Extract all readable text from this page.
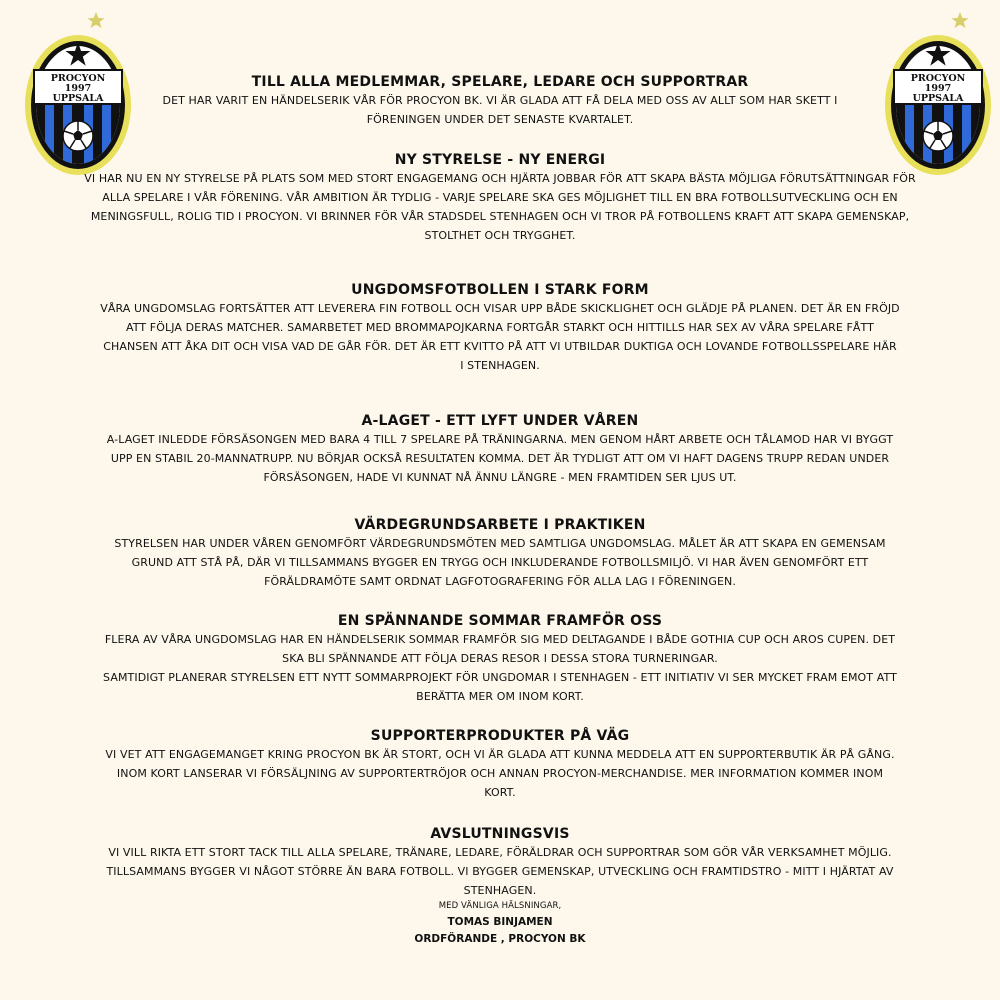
PROCYON
1997
UPPSALA
PROCYON
1997
UPPSALA
TILL ALLA MEDLEMMAR, SPELARE, LEDARE OCH SUPPORTRAR

DET HAR VARIT EN HÄNDELSERIK VÅR FÖR PROCYON BK. VI ÄR GLADA ATT FÅ DELA MED OSS AV ALLT SOM HAR SKETT I FÖRENINGEN UNDER DET SENASTE KVARTALET.

NY STYRELSE - NY ENERGI

VI HAR NU EN NY STYRELSE PÅ PLATS SOM MED STORT ENGAGEMANG OCH HJÄRTA JOBBAR FÖR ATT SKAPA BÄSTA MÖJLIGA FÖRUTSÄTTNINGAR FÖR ALLA SPELARE I VÅR FÖRENING. VÅR AMBITION ÄR TYDLIG - VARJE SPELARE SKA GES MÖJLIGHET TILL EN BRA FOTBOLLSUTVECKLING OCH EN MENINGSFULL, ROLIG TID I PROCYON. VI BRINNER FÖR VÅR STADSDEL STENHAGEN OCH VI TROR PÅ FOTBOLLENS KRAFT ATT SKAPA GEMENSKAP, STOLTHET OCH TRYGGHET.

UNGDOMSFOTBOLLEN I STARK FORM

VÅRA UNGDOMSLAG FORTSÄTTER ATT LEVERERA FIN FOTBOLL OCH VISAR UPP BÅDE SKICKLIGHET OCH GLÄDJE PÅ PLANEN. DET ÄR EN FRÖJD ATT FÖLJA DERAS MATCHER. SAMARBETET MED BROMMAPOJKARNA FORTGÅR STARKT OCH HITTILLS HAR SEX AV VÅRA SPELARE FÅTT CHANSEN ATT ÅKA DIT OCH VISA VAD DE GÅR FÖR. DET ÄR ETT KVITTO PÅ ATT VI UTBILDAR DUKTIGA OCH LOVANDE FOTBOLLSSPELARE HÄR I STENHAGEN.

A-LAGET - ETT LYFT UNDER VÅREN

A-LAGET INLEDDE FÖRSÄSONGEN MED BARA 4 TILL 7 SPELARE PÅ TRÄNINGARNA. MEN GENOM HÅRT ARBETE OCH TÅLAMOD HAR VI BYGGT UPP EN STABIL 20-MANNATRUPP. NU BÖRJAR OCKSÅ RESULTATEN KOMMA. DET ÄR TYDLIGT ATT OM VI HAFT DAGENS TRUPP REDAN UNDER FÖRSÄSONGEN, HADE VI KUNNAT NÅ ÄNNU LÄNGRE - MEN FRAMTIDEN SER LJUS UT.

VÄRDEGRUNDSARBETE I PRAKTIKEN

STYRELSEN HAR UNDER VÅREN GENOMFÖRT VÄRDEGRUNDSMÖTEN MED SAMTLIGA UNGDOMSLAG. MÅLET ÄR ATT SKAPA EN GEMENSAM GRUND ATT STÅ PÅ, DÄR VI TILLSAMMANS BYGGER EN TRYGG OCH INKLUDERANDE FOTBOLLSMILJÖ. VI HAR ÄVEN GENOMFÖRT ETT FÖRÄLDRAMÖTE SAMT ORDNAT LAGFOTOGRAFERING FÖR ALLA LAG I FÖRENINGEN.

EN SPÄNNANDE SOMMAR FRAMFÖR OSS

FLERA AV VÅRA UNGDOMSLAG HAR EN HÄNDELSERIK SOMMAR FRAMFÖR SIG MED DELTAGANDE I BÅDE GOTHIA CUP OCH AROS CUPEN. DET SKA BLI SPÄNNANDE ATT FÖLJA DERAS RESOR I DESSA STORA TURNERINGAR.

SAMTIDIGT PLANERAR STYRELSEN ETT NYTT SOMMARPROJEKT FÖR UNGDOMAR I STENHAGEN - ETT INITIATIV VI SER MYCKET FRAM EMOT ATT BERÄTTA MER OM INOM KORT.

SUPPORTERPRODUKTER PÅ VÄG

VI VET ATT ENGAGEMANGET KRING PROCYON BK ÄR STORT, OCH VI ÄR GLADA ATT KUNNA MEDDELA ATT EN SUPPORTERBUTIK ÄR PÅ GÅNG. INOM KORT LANSERAR VI FÖRSÄLJNING AV SUPPORTERTRÖJOR OCH ANNAN PROCYON-MERCHANDISE. MER INFORMATION KOMMER INOM KORT.

AVSLUTNINGSVIS

VI VILL RIKTA ETT STORT TACK TILL ALLA SPELARE, TRÄNARE, LEDARE, FÖRÄLDRAR OCH SUPPORTRAR SOM GÖR VÅR VERKSAMHET MÖJLIG. TILLSAMMANS BYGGER VI NÅGOT STÖRRE ÄN BARA FOTBOLL. VI BYGGER GEMENSKAP, UTVECKLING OCH FRAMTIDSTRO - MITT I HJÄRTAT AV STENHAGEN.

MED VÄNLIGA HÄLSNINGAR,

TOMAS BINJAMEN
ORDFÖRANDE , PROCYON BK
